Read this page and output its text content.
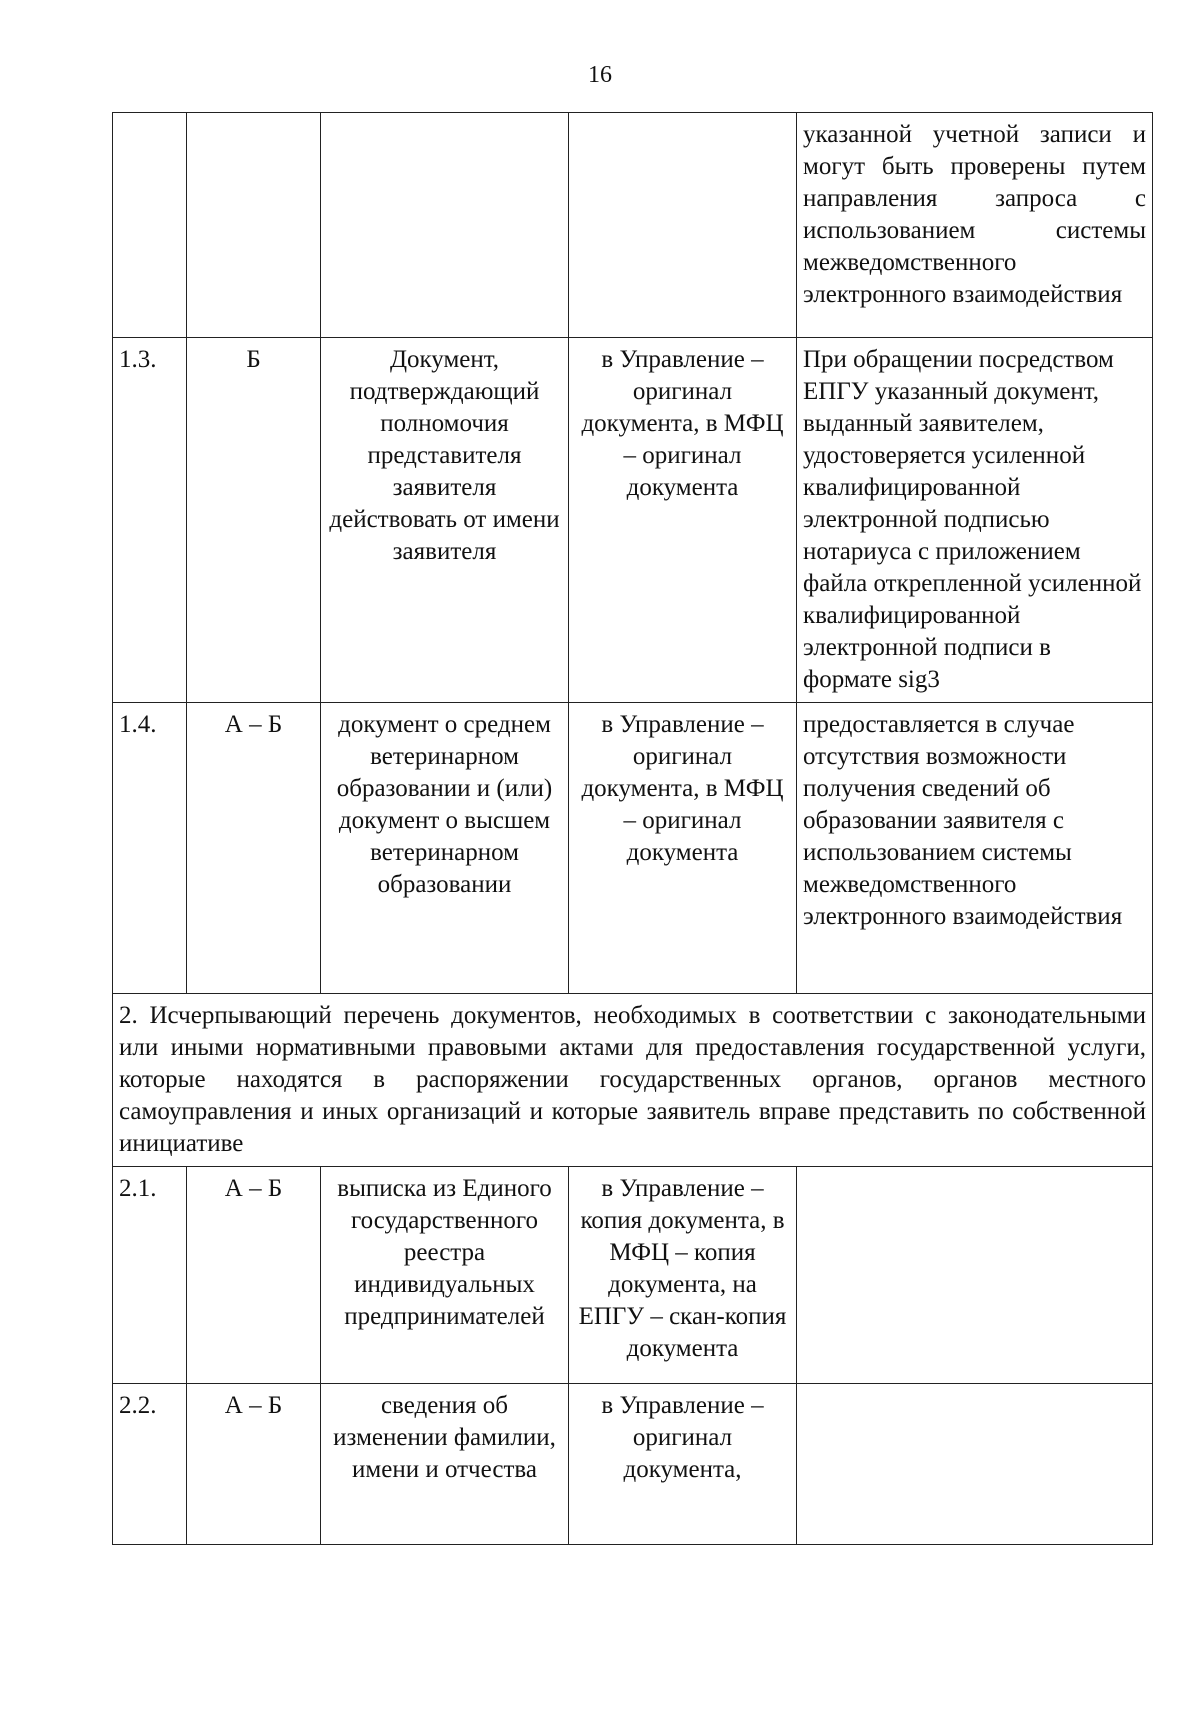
16
				указанной учетной записи и могут быть проверены путем направления запроса с использованием системы межведомственного электронного взаимодействия
1.3.	Б	Документ, подтверждающий полномочия представителя заявителя действовать от имени заявителя	в Управление – оригинал документа, в МФЦ – оригинал документа	При обращении посредством ЕПГУ указанный документ, выданный заявителем, удостоверяется усиленной квалифицированной электронной подписью нотариуса с приложением файла открепленной усиленной квалифицированной электронной подписи в формате sig3
1.4.	А – Б	документ о среднем ветеринарном образовании и (или) документ о высшем ветеринарном образовании	в Управление – оригинал документа, в МФЦ – оригинал документа	предоставляется в случае отсутствия возможности получения сведений об образовании заявителя с использованием системы межведомственного электронного взаимодействия
2. Исчерпывающий перечень документов, необходимых в соответствии с законодательными или иными нормативными правовыми актами для предоставления государственной услуги, которые находятся в распоряжении государственных органов, органов местного самоуправления и иных организаций и которые заявитель вправе представить по собственной инициативе				
2.1.	А – Б	выписка из Единого государственного реестра индивидуальных предпринимателей	в Управление – копия документа, в МФЦ – копия документа, на ЕПГУ – скан-копия документа	
2.2.	А – Б	сведения об изменении фамилии, имени и отчества	в Управление – оригинал документа,	
